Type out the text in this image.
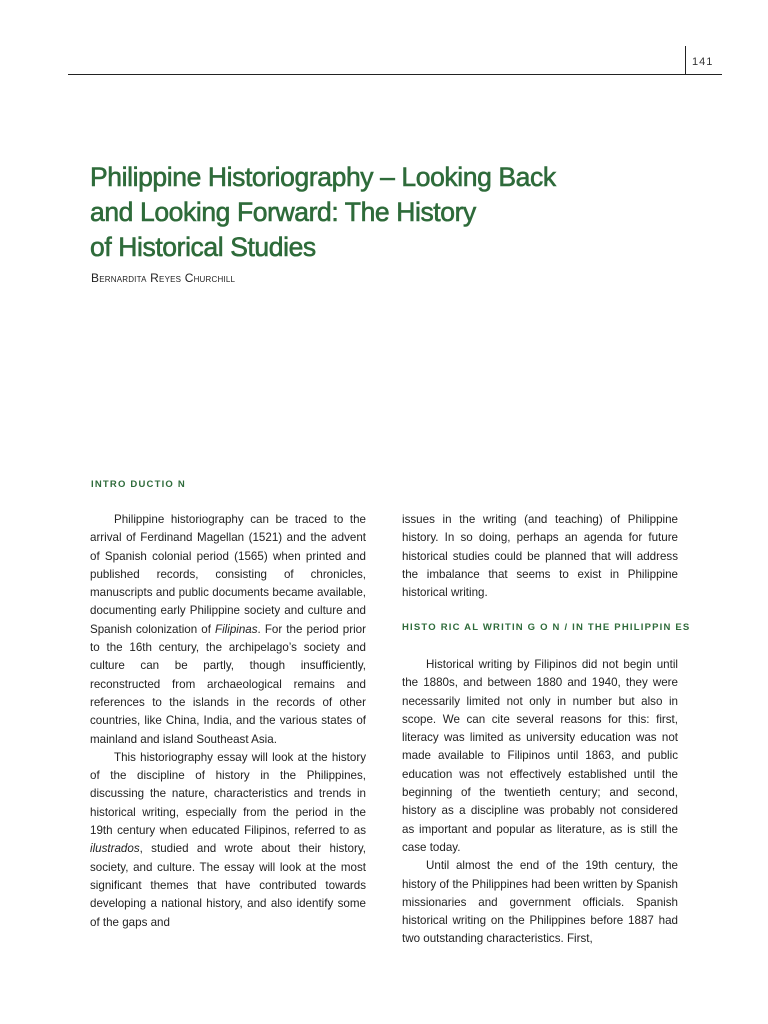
141
Philippine Historiography – Looking Back
and Looking Forward: The History
of Historical Studies
Bernardita Reyes Churchill
INTRO DUCTIO N

Philippine historiography can be traced to the arrival of Ferdinand Magellan (1521) and the advent of Spanish colonial period (1565) when printed and published records, consisting of chronicles, manuscripts and public documents became available, documenting early Philippine society and culture and Spanish colonization of Filipinas. For the period prior to the 16th century, the archipelago’s society and culture can be partly, though insufficiently, reconstructed from archaeological remains and references to the islands in the records of other countries, like China, India, and the various states of mainland and island Southeast Asia.

This historiography essay will look at the history of the discipline of history in the Philippines, discussing the nature, characteristics and trends in historical writing, especially from the period in the 19th century when educated Filipinos, referred to as ilustrados, studied and wrote about their history, society, and culture. The essay will look at the most significant themes that have contributed towards developing a national history, and also identify some of the gaps and

issues in the writing (and teaching) of Philippine history. In so doing, perhaps an agenda for future historical studies could be planned that will address the imbalance that seems to exist in Philippine historical writing.

HISTO RIC AL WRITIN G O N / IN THE PHILIPPIN ES

Historical writing by Filipinos did not begin until the 1880s, and between 1880 and 1940, they were necessarily limited not only in number but also in scope. We can cite several reasons for this: first, literacy was limited as university education was not made available to Filipinos until 1863, and public education was not effectively established until the beginning of the twentieth century; and second, history as a discipline was probably not considered as important and popular as literature, as is still the case today.

Until almost the end of the 19th century, the history of the Philippines had been written by Spanish missionaries and government officials. Spanish historical writing on the Philippines before 1887 had two outstanding characteristics. First,
